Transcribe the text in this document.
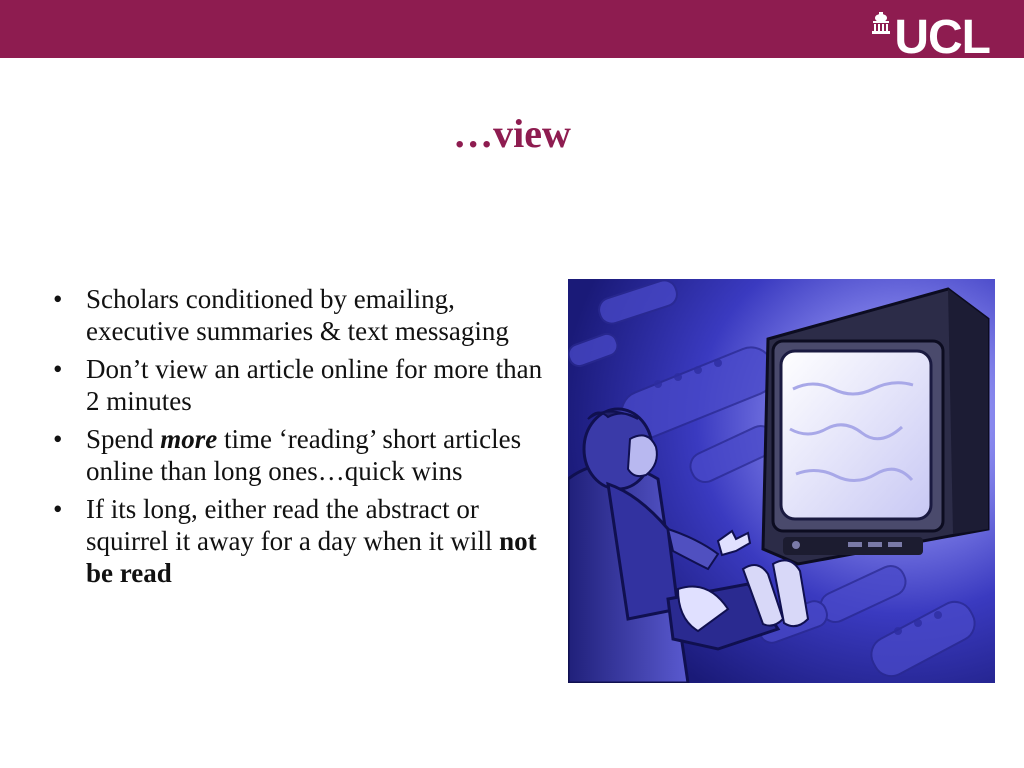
UCL
…view
• Scholars conditioned by emailing, executive summaries & text messaging
• Don’t view an article online for more than 2 minutes
• Spend more time ‘reading’ short articles online than long ones…quick wins
• If its long, either read the abstract or squirrel it away for a day when it will not be read
